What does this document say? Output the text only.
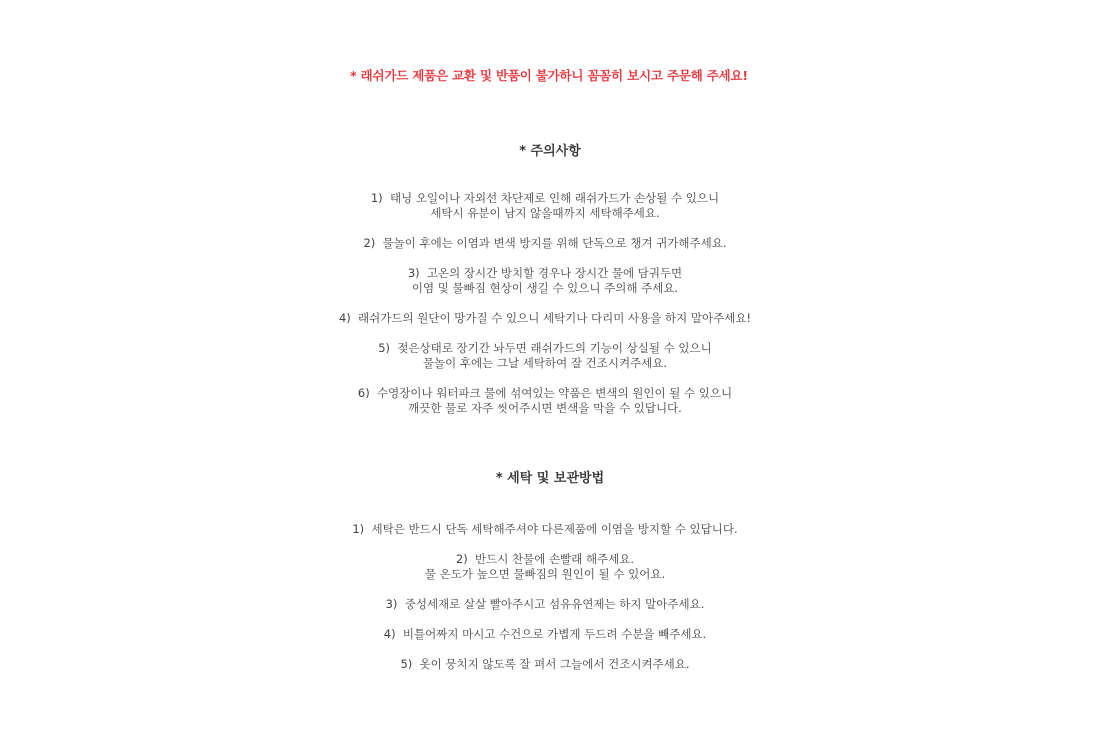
* 래쉬가드 제품은 교환 및 반품이 불가하니 꼼꼼히 보시고 주문해 주세요!
* 주의사항
1)  태닝 오일이나 자외선 차단제로 인해 래쉬가드가 손상될 수 있으니
세탁시 유분이 남지 않을때까지 세탁해주세요.
2)  물놀이 후에는 이염과 변색 방지를 위해 단독으로 챙겨 귀가해주세요.
3)  고온의 장시간 방치할 경우나 장시간 물에 담궈두면
이염 및 물빠짐 현상이 생길 수 있으니 주의해 주세요.
4)  래쉬가드의 원단이 망가질 수 있으니 세탁기나 다리미 사용을 하지 말아주세요!
5)  젖은상태로 장기간 놔두면 래쉬가드의 기능이 상실될 수 있으니
물놀이 후에는 그날 세탁하여 잘 건조시켜주세요.
6)  수영장이나 워터파크 물에 섞여있는 약품은 변색의 원인이 될 수 있으니
깨끗한 물로 자주 씻어주시면 변색을 막을 수 있답니다.
* 세탁 및 보관방법
1)  세탁은 반드시 단독 세탁해주셔야 다른제품에 이염을 방지할 수 있답니다.
2)  반드시 찬물에 손빨래 해주세요.
물 온도가 높으면 물빠짐의 원인이 될 수 있어요.
3)  중성세재로 살살 빨아주시고 섬유유연제는 하지 말아주세요.
4)  비틀어짜지 마시고 수건으로 가볍게 두드려 수분을 빼주세요.
5)  옷이 뭉치지 않도록 잘 펴서 그늘에서 건조시켜주세요.
